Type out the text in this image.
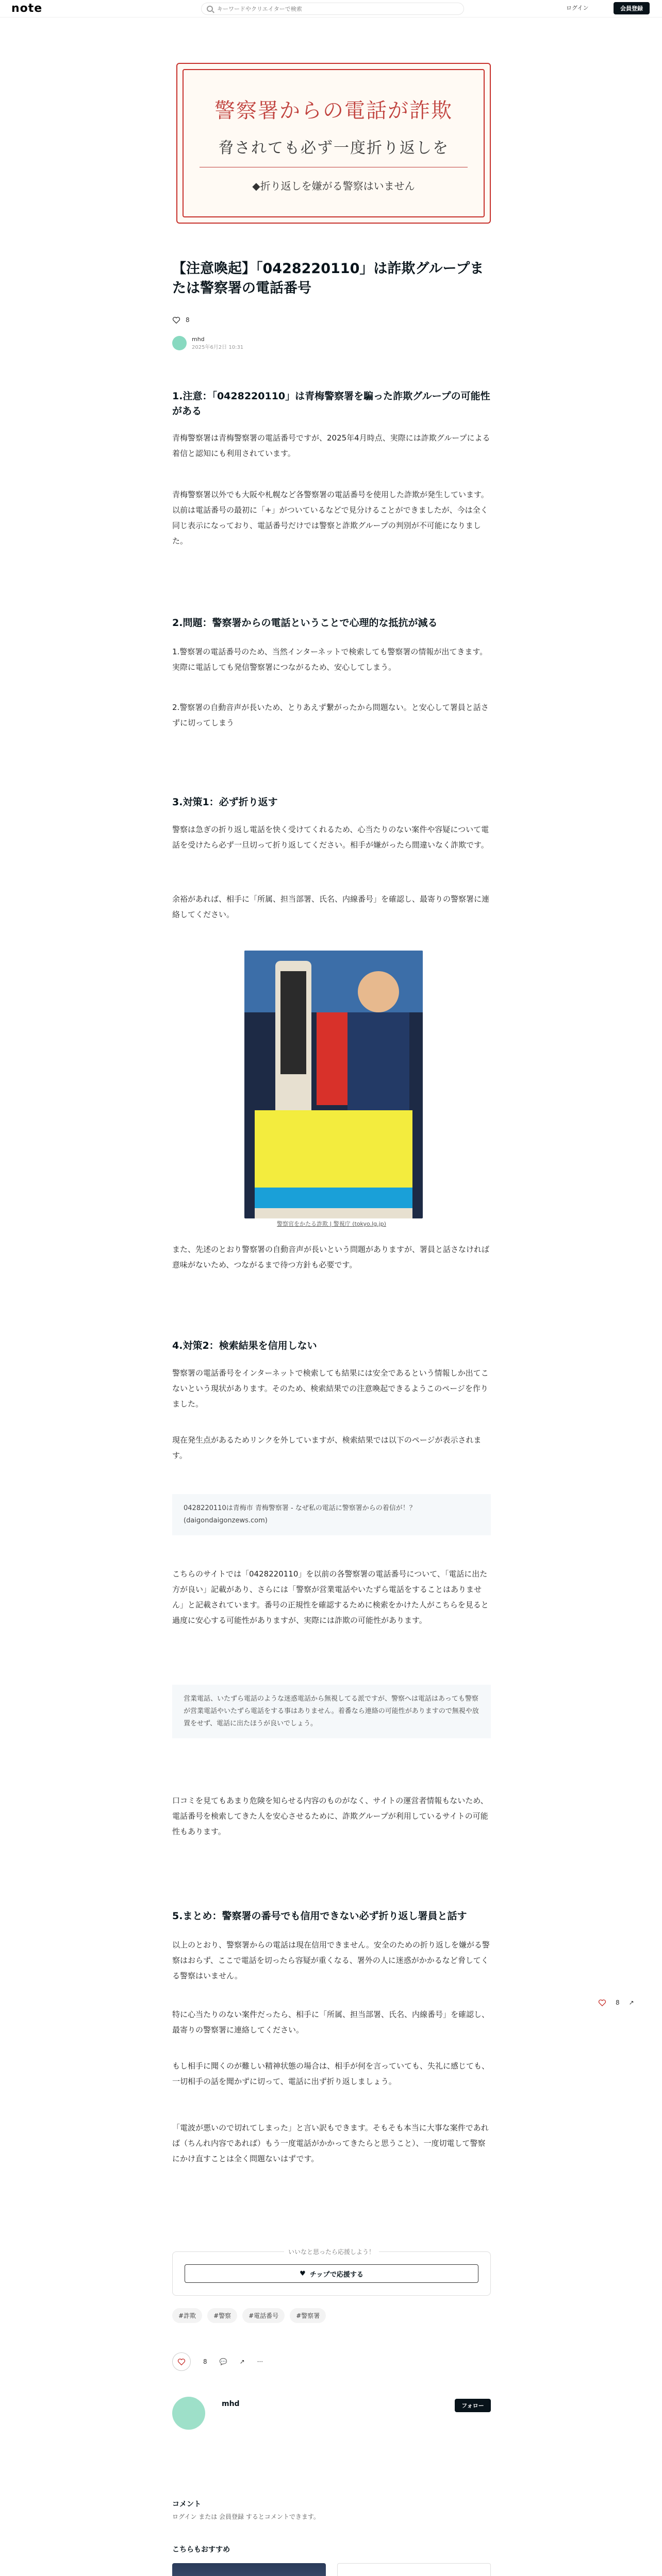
note
キーワードやクリエイターで検索	ログイン	会員登録
警察署からの電話が詐欺
脅されても必ず一度折り返しを
◆折り返しを嫌がる警察はいません
【注意喚起】「0428220110」は詐欺グループまたは警察署の電話番号
8
mhd
2025年6月2日 10:31
1.注意：「0428220110」は青梅警察署を騙った詐欺グループの可能性がある

青梅警察署は青梅警察署の電話番号ですが、2025年4月時点、実際には詐欺グループによる着信と認知にも利用されています。

青梅警察署以外でも大阪や札幌など各警察署の電話番号を使用した詐欺が発生しています。以前は電話番号の最初に「+」がついているなどで見分けることができましたが、今は全く同じ表示になっており、電話番号だけでは警察と詐欺グループの判別が不可能になりました。

2.問題：警察署からの電話ということで心理的な抵抗が減る

1.警察署の電話番号のため、当然インターネットで検索しても警察署の情報が出てきます。実際に電話しても発信警察署につながるため、安心してしまう。

2.警察署の自動音声が長いため、とりあえず繋がったから問題ない。と安心して署員と話さずに切ってしまう

3.対策1：必ず折り返す

警察は急ぎの折り返し電話を快く受けてくれるため、心当たりのない案件や容疑について電話を受けたら必ず一旦切って折り返してください。相手が嫌がったら間違いなく詐欺です。

余裕があれば、相手に「所属、担当部署、氏名、内線番号」を確認し、最寄りの警察署に連絡してください。

警察官をかたる詐欺 | 警視庁 (tokyo.lg.jp)

また、先述のとおり警察署の自動音声が長いという問題がありますが、署員と話さなければ意味がないため、つながるまで待つ方針も必要です。

4.対策2：検索結果を信用しない

警察署の電話番号をインターネットで検索しても結果には安全であるという情報しか出てこないという現状があります。そのため、検索結果での注意喚起できるようこのページを作りました。

現在発生点があるためリンクを外していますが、検索結果では以下のページが表示されます。

0428220110は青梅市 青梅警察署 - なぜ私の電話に警察署からの着信が！？ (daigondaigonzews.com)

こちらのサイトでは「0428220110」を以前の各警察署の電話番号について、「電話に出た方が良い」記載があり、さらには「警察が営業電話やいたずら電話をすることはありません」と記載されています。番号の正規性を確認するために検索をかけた人がこちらを見ると過度に安心する可能性がありますが、実際には詐欺の可能性があります。

営業電話、いたずら電話のような迷惑電話から無視してる派ですが、警察へは電話はあっても警察が営業電話やいたずら電話をする事はありません。着番なら連絡の可能性がありますので無視や放置をせず、電話に出たほうが良いでしょう。

口コミを見てもあまり危険を知らせる内容のものがなく、サイトの運営者情報もないため、電話番号を検索してきた人を安心させるために、詐欺グループが利用しているサイトの可能性もあります。

5.まとめ：警察署の番号でも信用できない必ず折り返し署員と話す

以上のとおり、警察署からの電話は現在信用できません。安全のための折り返しを嫌がる警察はおらず、ここで電話を切ったら容疑が重くなる、署外の人に迷惑がかかるなど脅してくる警察はいません。

特に心当たりのない案件だったら、相手に「所属、担当部署、氏名、内線番号」を確認し、最寄りの警察署に連絡してください。

もし相手に聞くのが難しい精神状態の場合は、相手が何を言っていても、失礼に感じても、一切相手の話を聞かずに切って、電話に出ず折り返しましょう。

「電波が悪いので切れてしまった」と言い訳もできます。そもそも本当に大事な案件であれば（ちんれ内容であれば）もう一度電話がかかってきたらと思うこと）、一度切電して警察にかけ直すことは全く問題ないはずです。

8 ↗
いいなと思ったら応援しよう！
♥ チップで応援する
#詐欺	#警察	#電話番号	#警察署
8 💬 ↗ ···
mhd	フォロー
コメント
ログイン または 会員登録 するとコメントできます。
こちらもおすすめ
